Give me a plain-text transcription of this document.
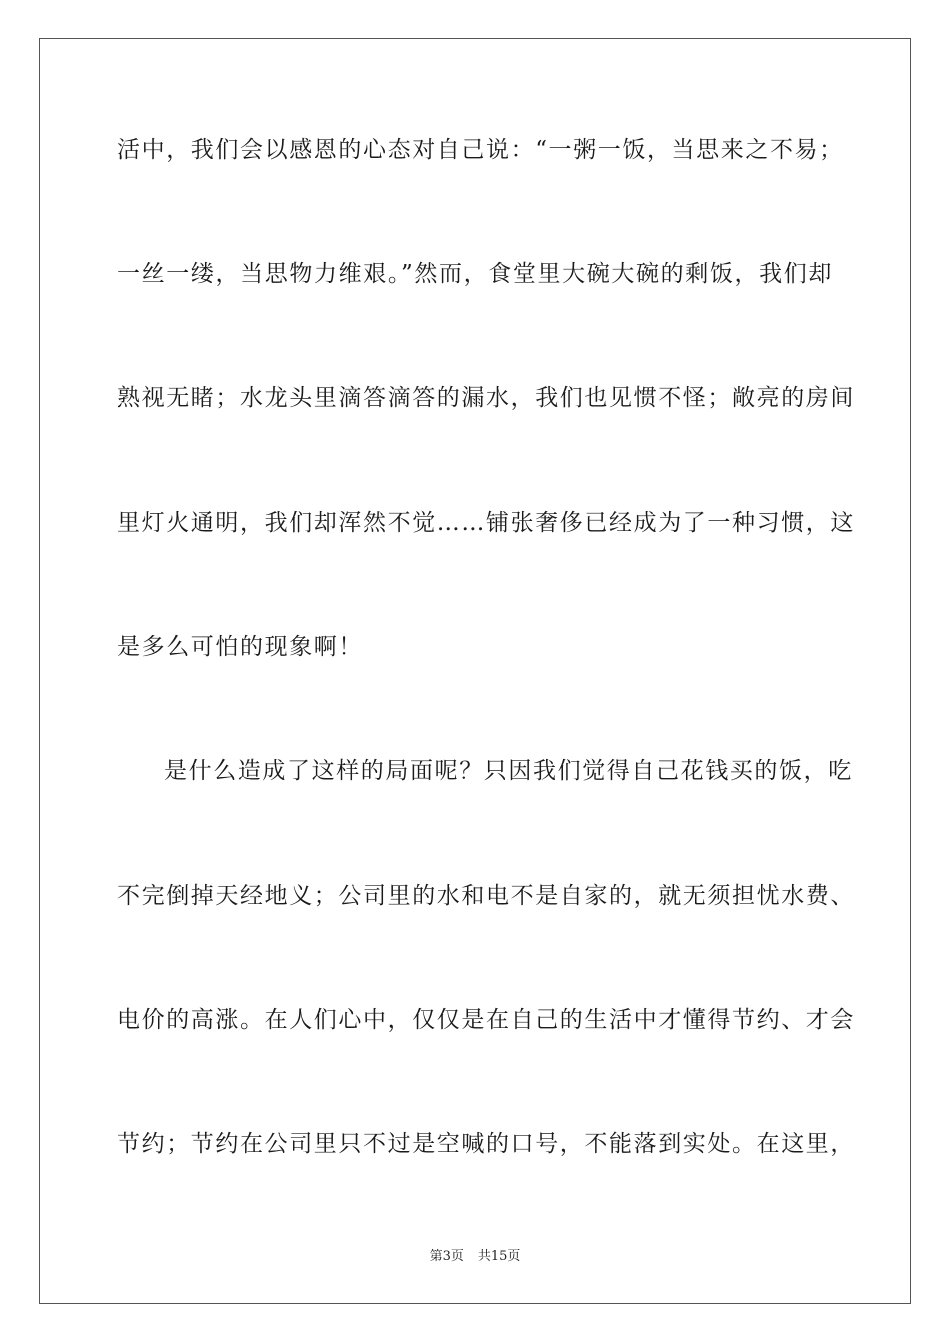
活中，我们会以感恩的心态对自己说：“一粥一饭，当思来之不易；
一丝一缕，当思物力维艰。”然而，食堂里大碗大碗的剩饭，我们却
熟视无睹；水龙头里滴答滴答的漏水，我们也见惯不怪；敞亮的房间
里灯火通明，我们却浑然不觉……铺张奢侈已经成为了一种习惯，这
是多么可怕的现象啊！
是什么造成了这样的局面呢？只因我们觉得自己花钱买的饭，吃
不完倒掉天经地义；公司里的水和电不是自家的，就无须担忧水费、
电价的高涨。在人们心中，仅仅是在自己的生活中才懂得节约、才会
节约；节约在公司里只不过是空喊的口号，不能落到实处。在这里，
第3页 共15页
